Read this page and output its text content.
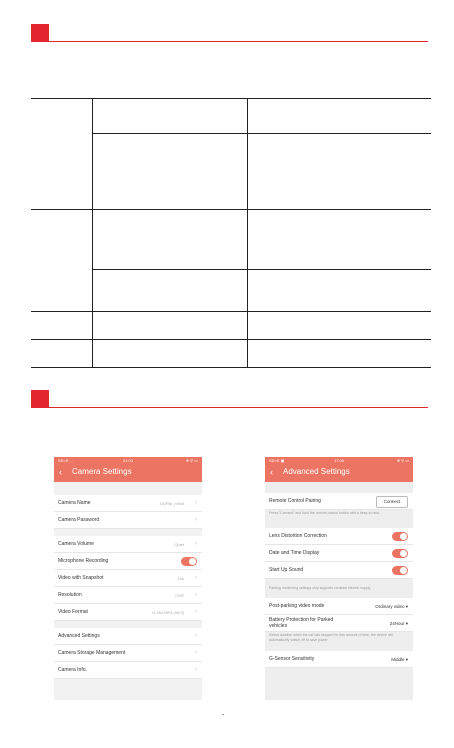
SD>E ...	21:03	⊕ ⚲ ▭
‹ Camera Settings
Camera Name	DDPAI_mini3 ›
Camera Password	›
Camera Volume	Quiet ›
Microphone Recording
Video with Snapshot	15s ›
Resolution	720P ›
Video Format	H.264 MP4 (16:9) ›
Advanced Settings	›
Camera Storage Management	›
Camera Info.	›
SD>E ▣	17:06	⊕ ⚲ ▭
‹ Advanced Settings
Remote Control Pairing	Connect
Press "Connect" and hold the remote control button with a beep to bind.
Lens Distortion Correction
Date and Time Display
Start Up Sound
Parking monitoring settings only supports constant electric supply.
Post-parking video mode	Ordinary video ▾
Battery Protection for Parked vehicles	24Hour ▾
Select duration when the car has stopped for this amount of time, the device will automatically switch off to save power.
G-Sensor Sensitivity	Middle ▾
-
